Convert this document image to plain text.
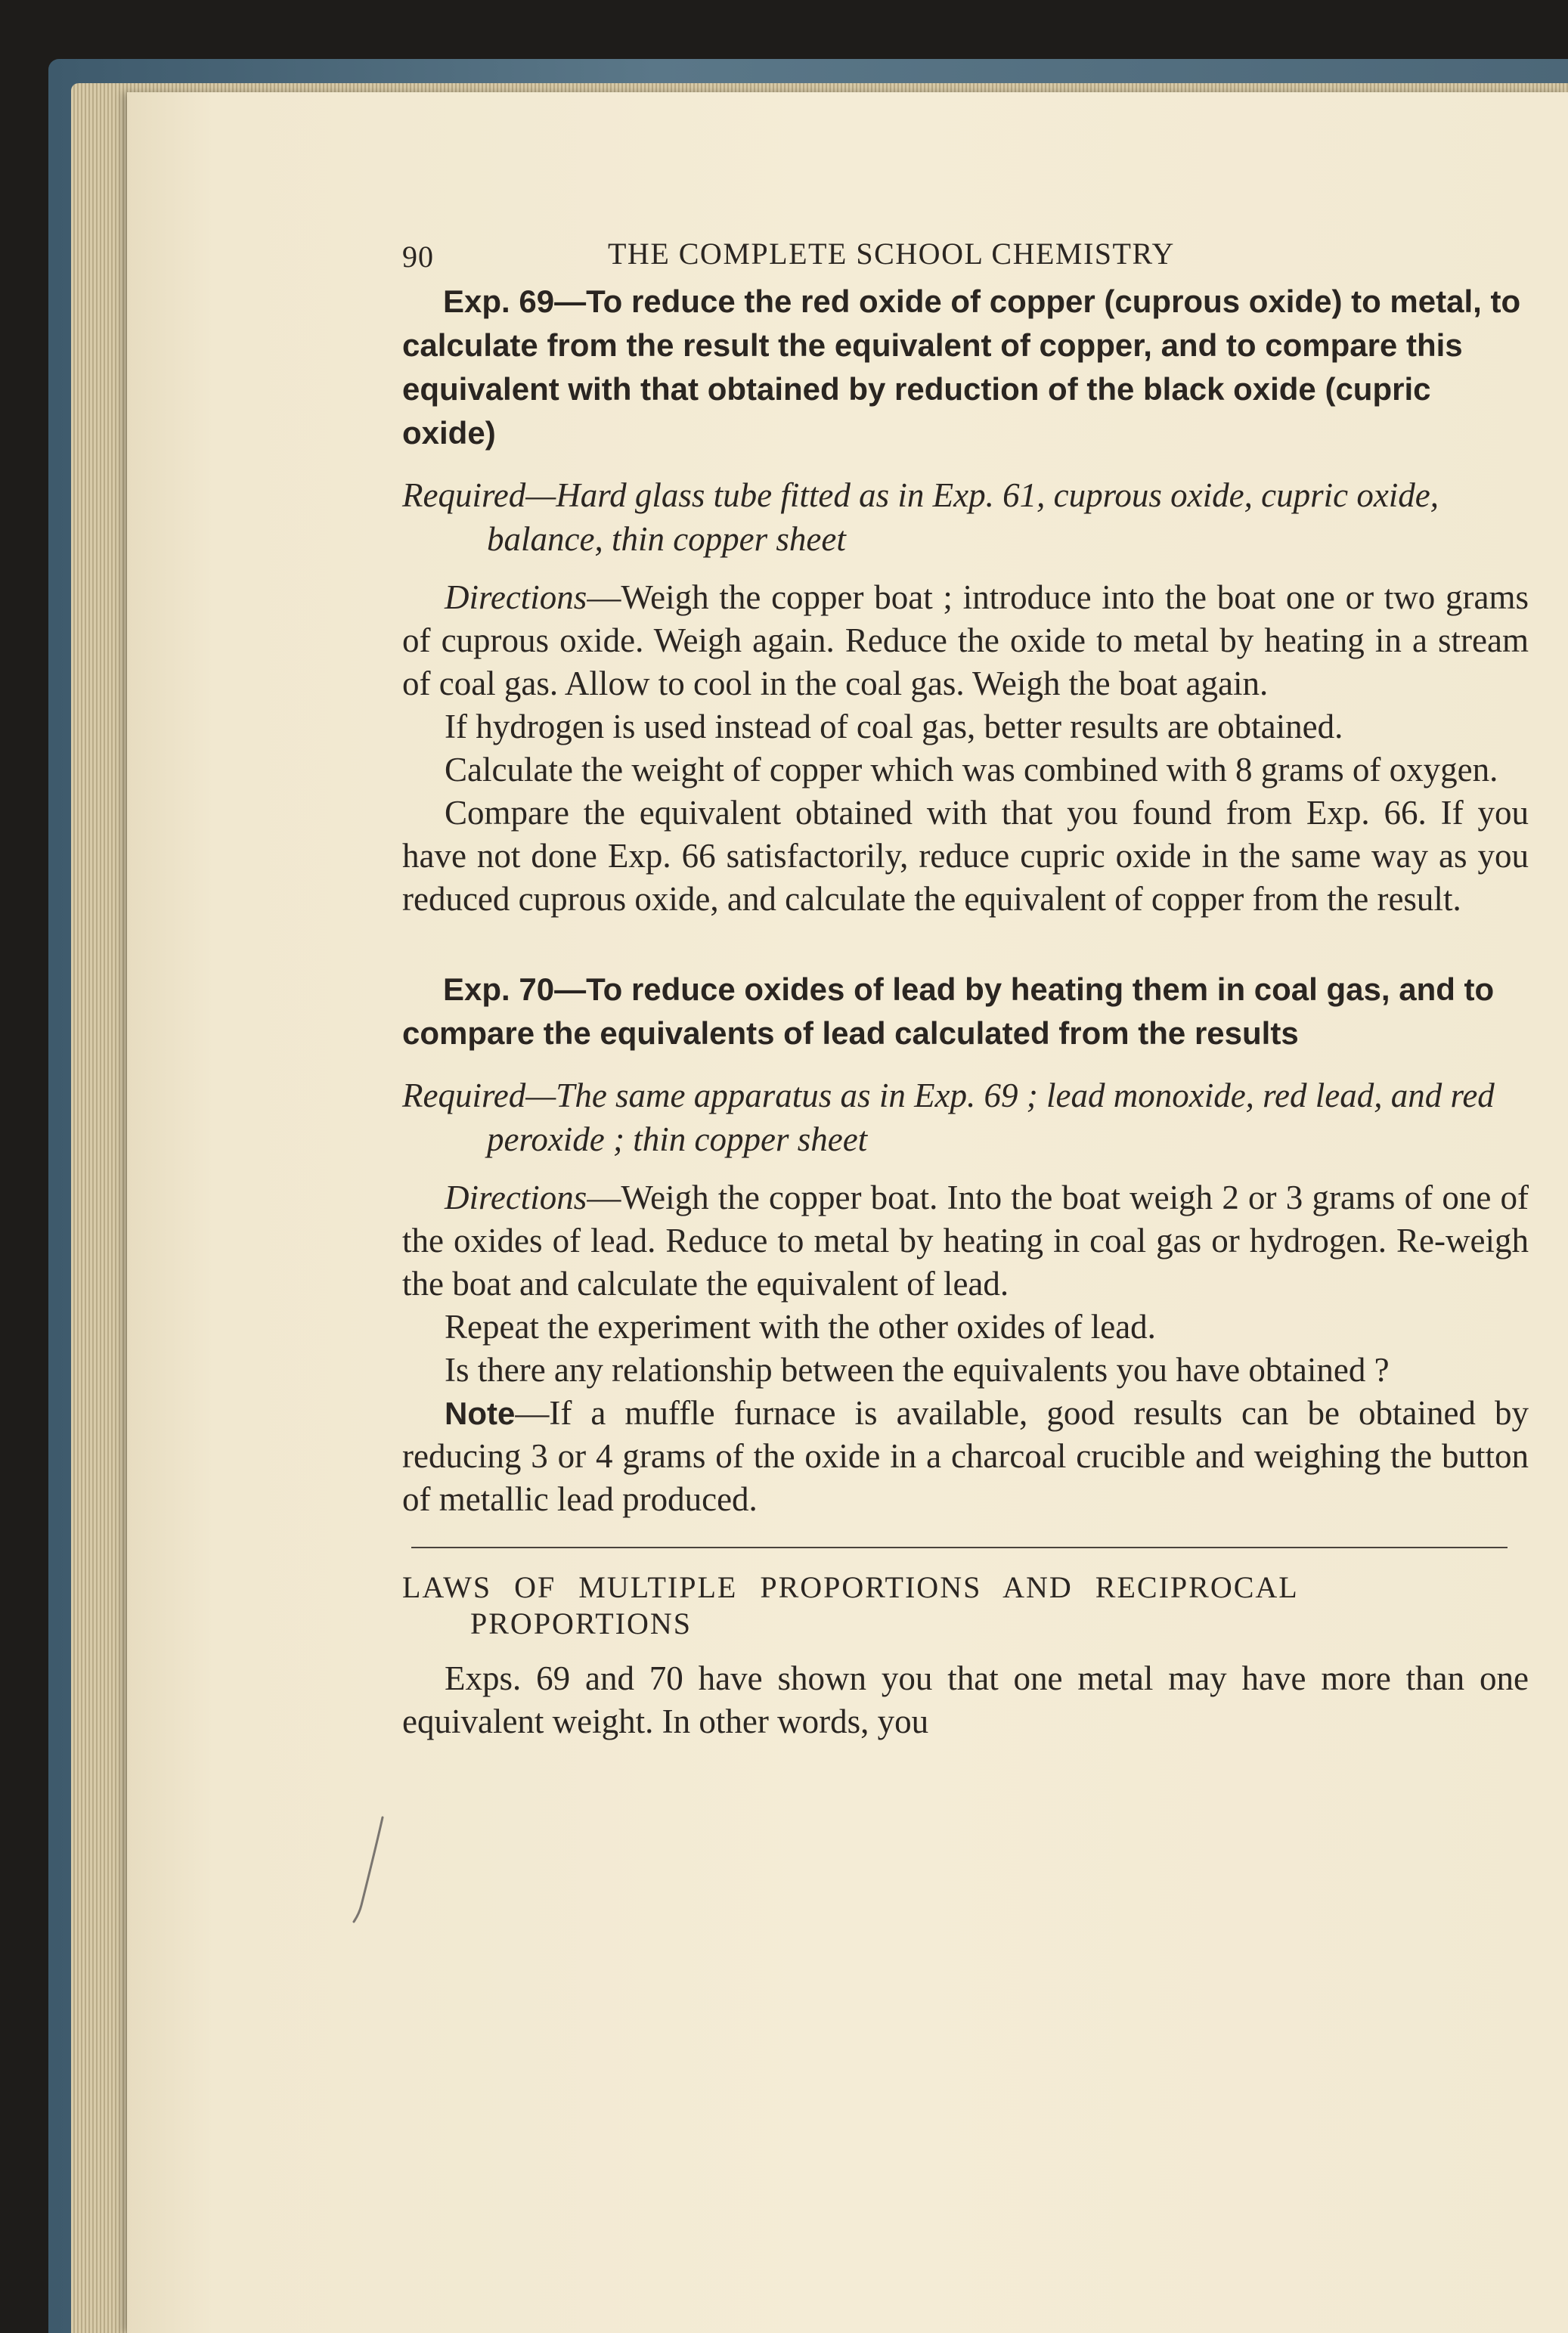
90	THE COMPLETE SCHOOL CHEMISTRY

Exp. 69—To reduce the red oxide of copper (cuprous oxide) to metal, to calculate from the result the equivalent of copper, and to compare this equivalent with that obtained by reduction of the black oxide (cupric oxide)

Required—Hard glass tube fitted as in Exp. 61, cuprous oxide, cupric oxide, balance, thin copper sheet

Directions—Weigh the copper boat ; introduce into the boat one or two grams of cuprous oxide. Weigh again. Reduce the oxide to metal by heating in a stream of coal gas. Allow to cool in the coal gas. Weigh the boat again.

If hydrogen is used instead of coal gas, better results are obtained.

Calculate the weight of copper which was combined with 8 grams of oxygen.

Compare the equivalent obtained with that you found from Exp. 66. If you have not done Exp. 66 satisfactorily, reduce cupric oxide in the same way as you reduced cuprous oxide, and calculate the equivalent of copper from the result.

Exp. 70—To reduce oxides of lead by heating them in coal gas, and to compare the equivalents of lead calculated from the results

Required—The same apparatus as in Exp. 69 ; lead monoxide, red lead, and red peroxide ; thin copper sheet

Directions—Weigh the copper boat. Into the boat weigh 2 or 3 grams of one of the oxides of lead. Reduce to metal by heating in coal gas or hydrogen. Re-weigh the boat and calculate the equivalent of lead.

Repeat the experiment with the other oxides of lead.

Is there any relationship between the equivalents you have obtained ?

Note—If a muffle furnace is available, good results can be obtained by reducing 3 or 4 grams of the oxide in a charcoal crucible and weighing the button of metallic lead produced.

LAWS OF MULTIPLE PROPORTIONS AND RECIPROCAL PROPORTIONS

Exps. 69 and 70 have shown you that one metal may have more than one equivalent weight. In other words, you
